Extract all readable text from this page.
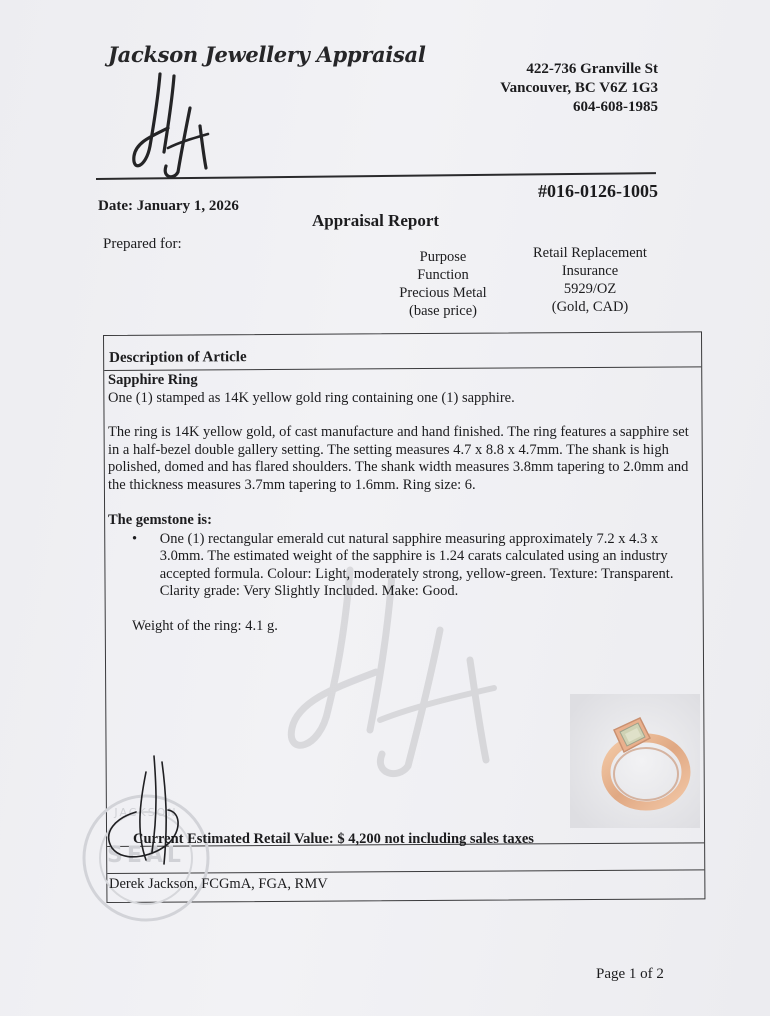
Jackson Jewellery Appraisal
422-736 Granville St
Vancouver, BC V6Z 1G3
604-608-1985
#016-0126-1005
Date: January 1, 2026
Appraisal Report
Prepared for:
Purpose
Function
Precious Metal
(base price)
Retail Replacement
Insurance
5929/OZ
(Gold, CAD)
Description of Article

Sapphire Ring

One (1) stamped as 14K yellow gold ring containing one (1) sapphire.

The ring is 14K yellow gold, of cast manufacture and hand finished. The ring features a sapphire set in a half-bezel double gallery setting. The setting measures 4.7 x 8.8 x 4.7mm. The shank is high polished, domed and has flared shoulders. The shank width measures 3.8mm tapering to 2.0mm and the thickness measures 3.7mm tapering to 1.6mm. Ring size: 6.

The gemstone is:

•	One (1) rectangular emerald cut natural sapphire measuring approximately 7.2 x 4.3 x 3.0mm. The estimated weight of the sapphire is 1.24 carats calculated using an industry accepted formula. Colour: Light, moderately strong, yellow-green. Texture: Transparent. Clarity grade: Very Slightly Included. Make: Good.

Weight of the ring: 4.1 g.

SEAL
JACKSON
Current Estimated Retail Value: $ 4,200 not including sales taxes
Derek Jackson, FCGmA, FGA, RMV
Page 1 of 2
